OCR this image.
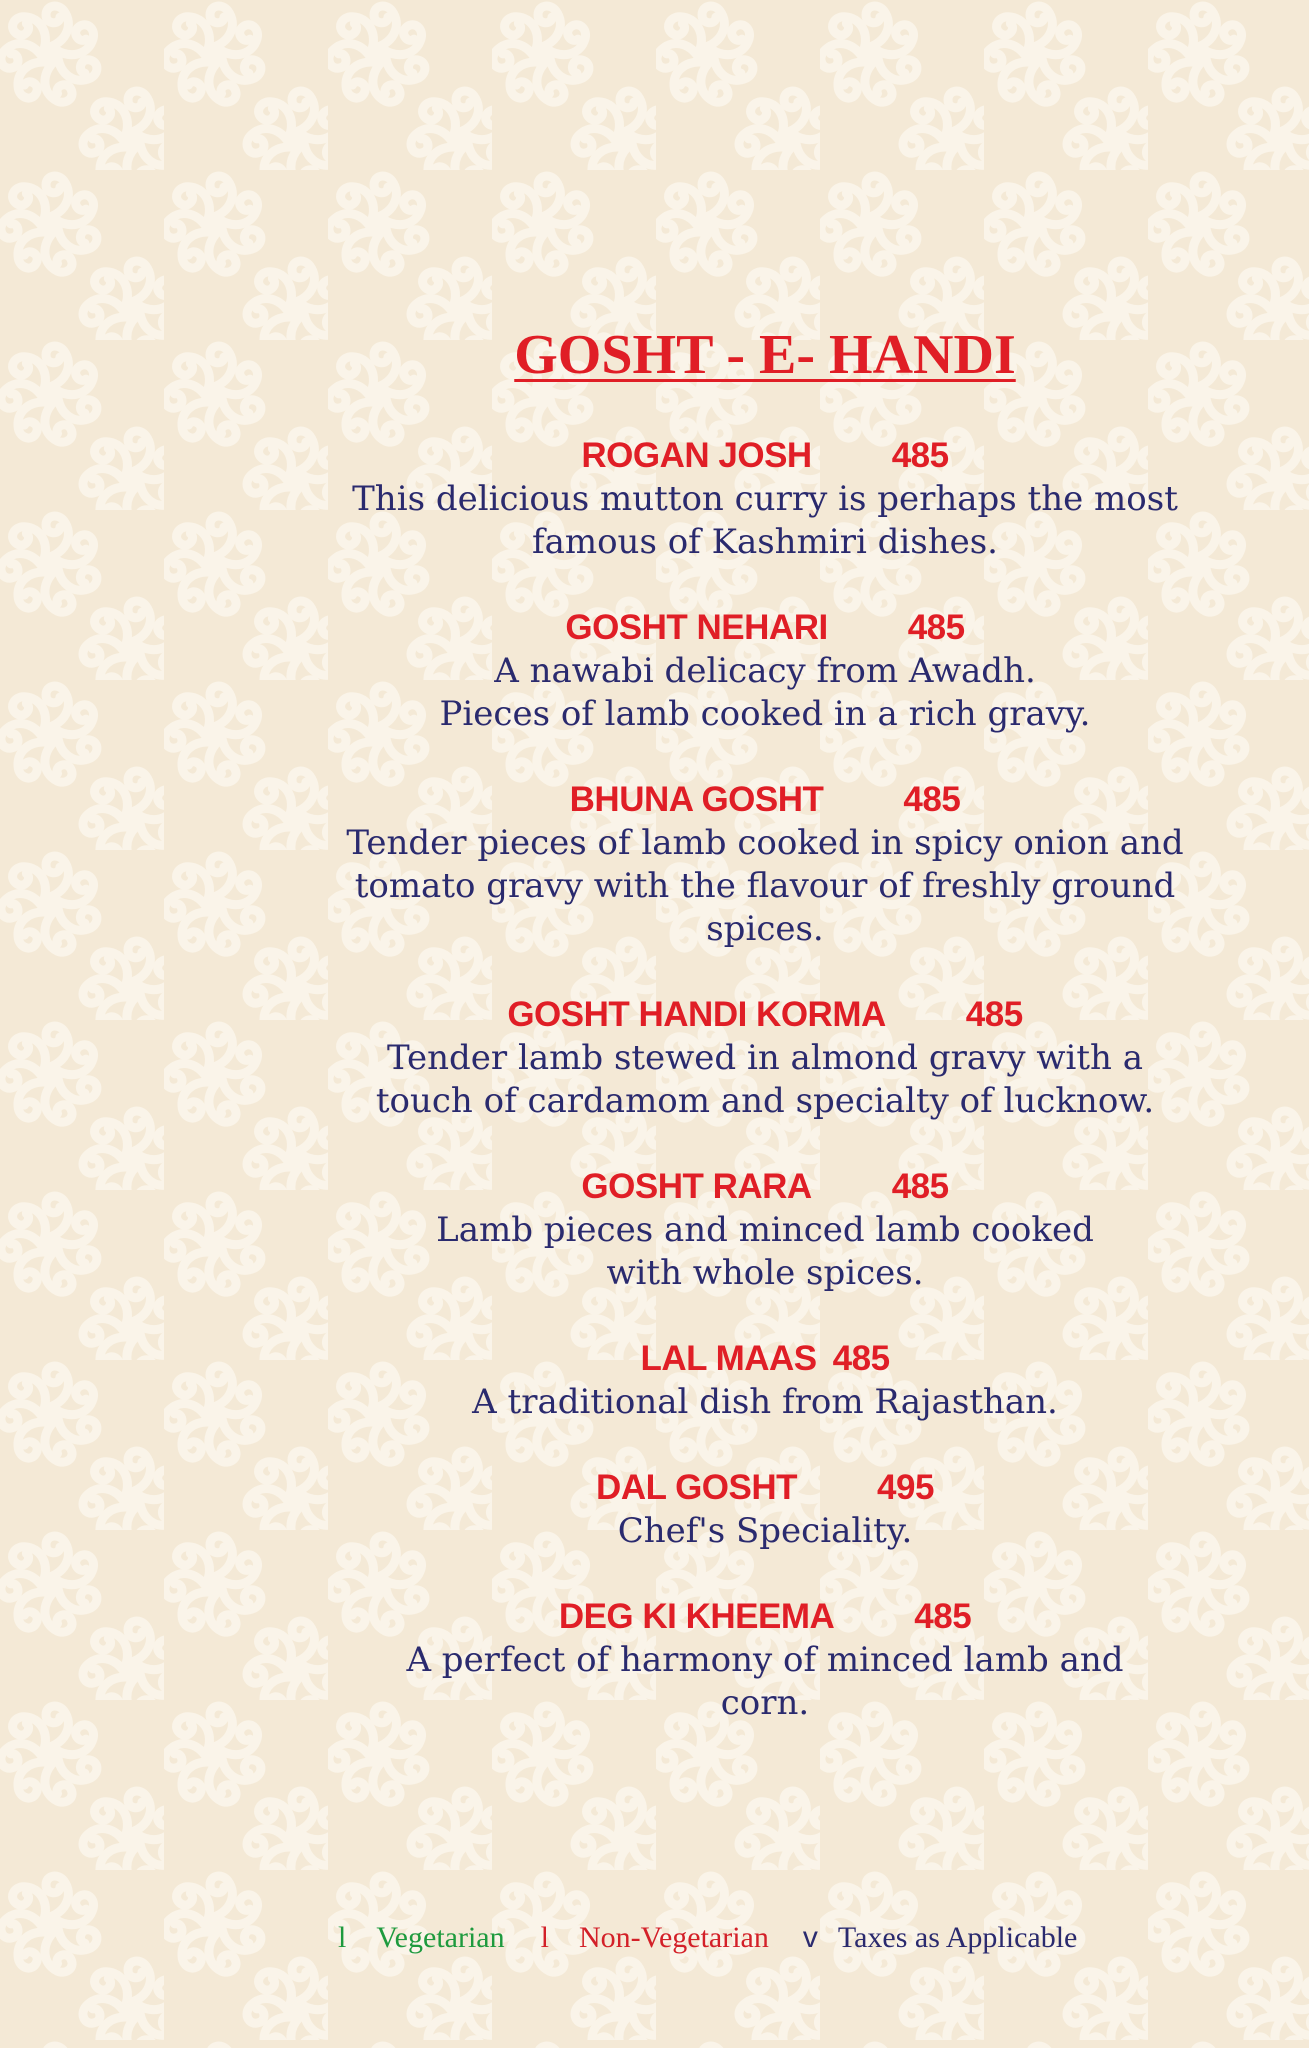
GOSHT - E- HANDI
ROGAN JOSH 485
This delicious mutton curry is perhaps the most
famous of Kashmiri dishes.
GOSHT NEHARI 485
A nawabi delicacy from Awadh.
Pieces of lamb cooked in a rich gravy.
BHUNA GOSHT 485
Tender pieces of lamb cooked in spicy onion and
tomato gravy with the flavour of freshly ground
spices.
GOSHT HANDI KORMA 485
Tender lamb stewed in almond gravy with a
touch of cardamom and specialty of lucknow.
GOSHT RARA 485
Lamb pieces and minced lamb cooked
with whole spices.
LAL MAAS 485
A traditional dish from Rajasthan.
DAL GOSHT 495
Chef's Speciality.
DEG KI KHEEMA 485
A perfect of harmony of minced lamb and
corn.
l Vegetarian l Non-Vegetarian v Taxes as Applicable
